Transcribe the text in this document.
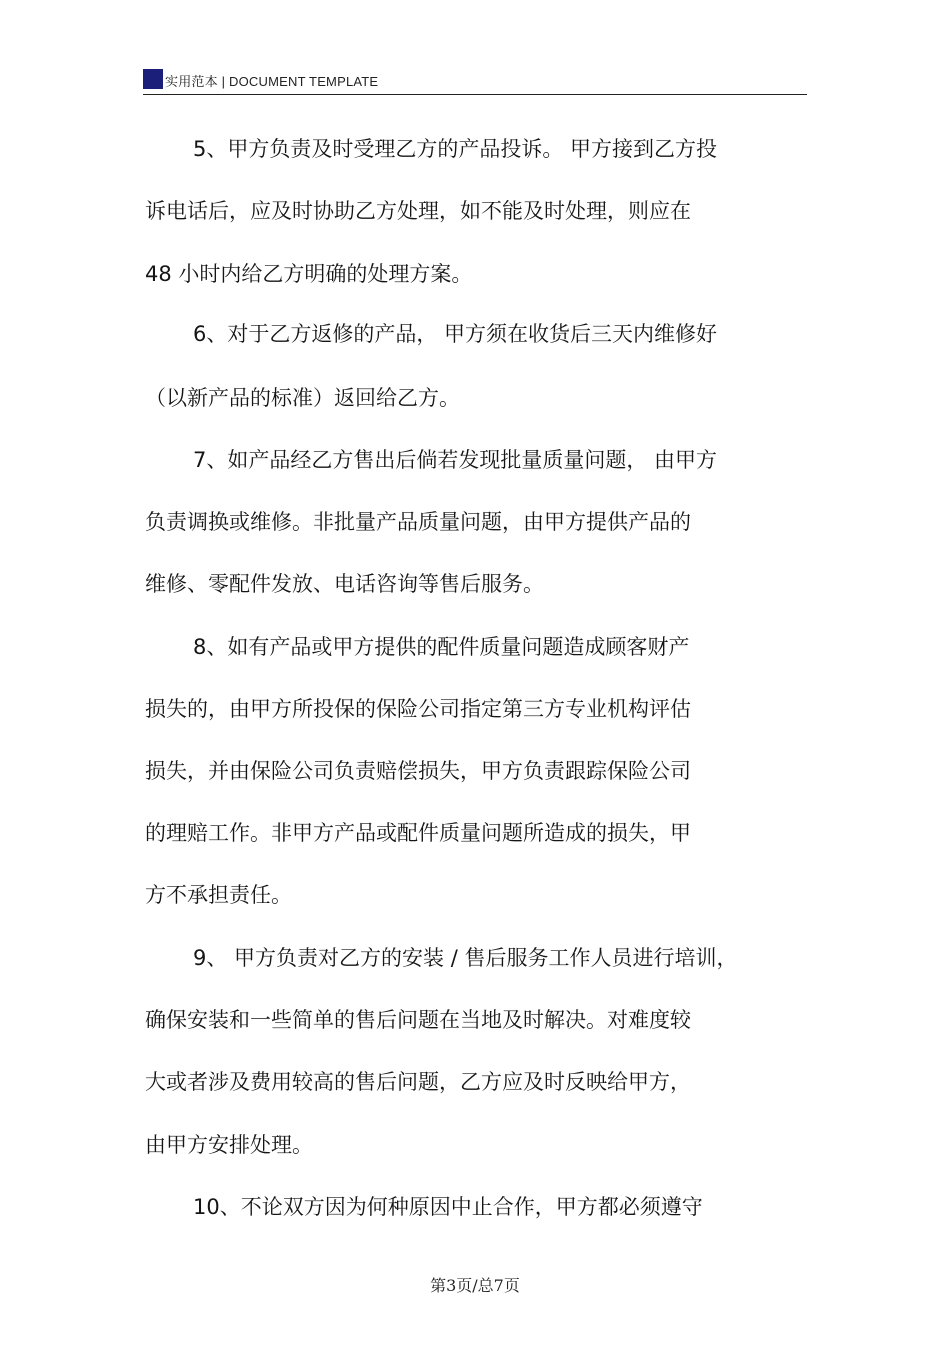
实用范本 | DOCUMENT TEMPLATE
5、甲方负责及时受理乙方的产品投诉。 甲方接到乙方投
诉电话后，应及时协助乙方处理，如不能及时处理，则应在
48 小时内给乙方明确的处理方案。
6、对于乙方返修的产品， 甲方须在收货后三天内维修好
（以新产品的标准）返回给乙方。
7、如产品经乙方售出后倘若发现批量质量问题， 由甲方
负责调换或维修。非批量产品质量问题，由甲方提供产品的
维修、零配件发放、电话咨询等售后服务。
8、如有产品或甲方提供的配件质量问题造成顾客财产
损失的，由甲方所投保的保险公司指定第三方专业机构评估
损失，并由保险公司负责赔偿损失，甲方负责跟踪保险公司
的理赔工作。非甲方产品或配件质量问题所造成的损失，甲
方不承担责任。
9、 甲方负责对乙方的安装 / 售后服务工作人员进行培训，
确保安装和一些简单的售后问题在当地及时解决。对难度较
大或者涉及费用较高的售后问题，乙方应及时反映给甲方，
由甲方安排处理。
10、不论双方因为何种原因中止合作，甲方都必须遵守
第3页/总7页
